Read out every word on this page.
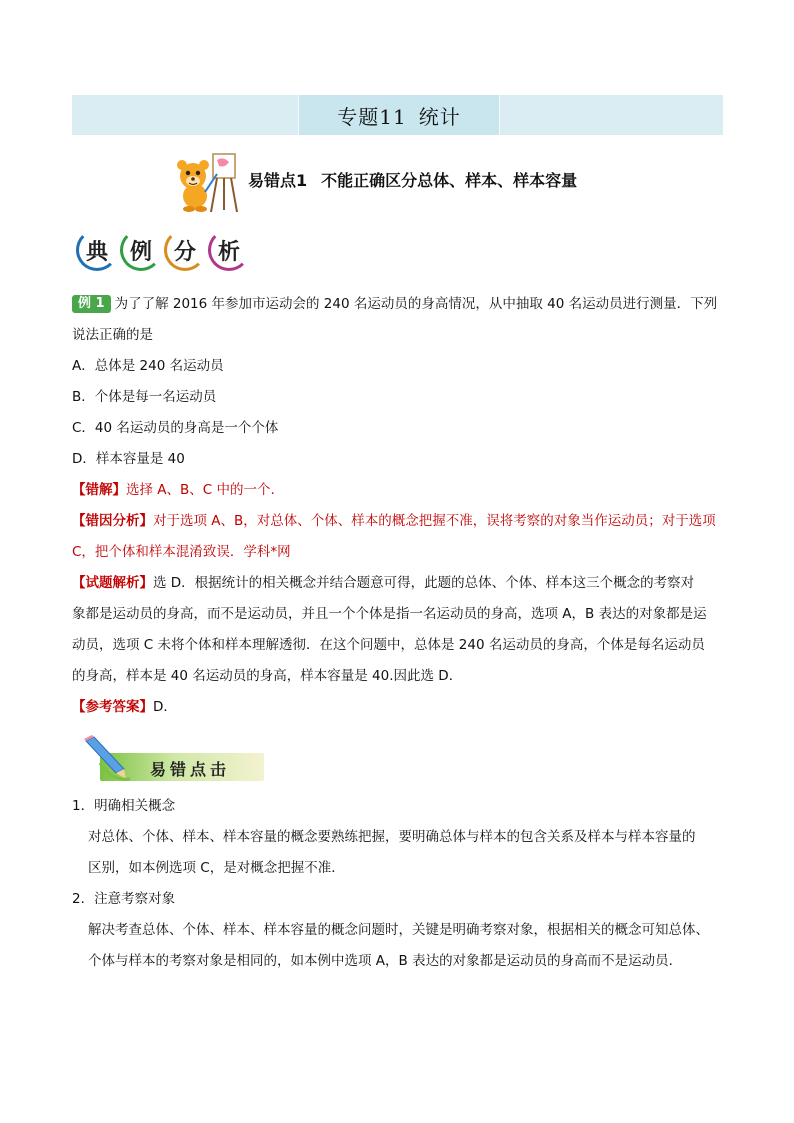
专题11 统计
易错点1 不能正确区分总体、样本、样本容量
典 例 分 析
例 1 为了了解 2016 年参加市运动会的 240 名运动员的身高情况，从中抽取 40 名运动员进行测量．下列
说法正确的是
A．总体是 240 名运动员
B．个体是每一名运动员
C．40 名运动员的身高是一个个体
D．样本容量是 40
【错解】选择 A、B、C 中的一个.
【错因分析】对于选项 A、B，对总体、个体、样本的概念把握不准，误将考察的对象当作运动员；对于选项
C，把个体和样本混淆致误．学科*网
【试题解析】选 D．根据统计的相关概念并结合题意可得，此题的总体、个体、样本这三个概念的考察对
象都是运动员的身高，而不是运动员，并且一个个体是指一名运动员的身高，选项 A，B 表达的对象都是运
动员，选项 C 未将个体和样本理解透彻．在这个问题中，总体是 240 名运动员的身高，个体是每名运动员
的身高，样本是 40 名运动员的身高，样本容量是 40.因此选 D．
【参考答案】D．
易错点击
1．明确相关概念
对总体、个体、样本、样本容量的概念要熟练把握，要明确总体与样本的包含关系及样本与样本容量的
区别，如本例选项 C，是对概念把握不准．
2．注意考察对象
解决考查总体、个体、样本、样本容量的概念问题时，关键是明确考察对象，根据相关的概念可知总体、
个体与样本的考察对象是相同的，如本例中选项 A，B 表达的对象都是运动员的身高而不是运动员．
